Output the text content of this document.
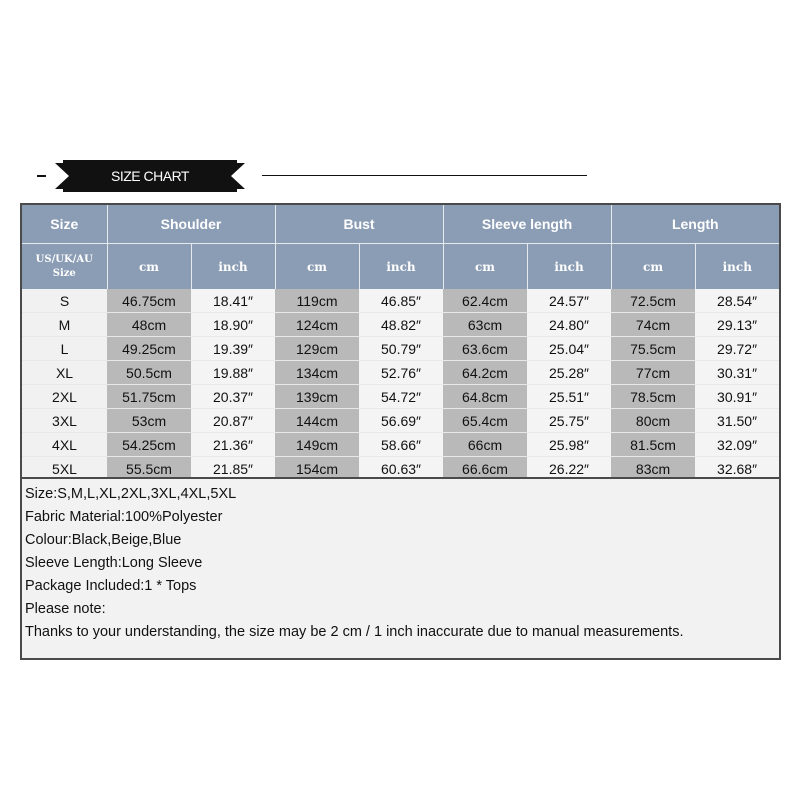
SIZE CHART
Size	Shoulder		Bust		Sleeve length		Length	

US/UK/AU
Size	cm	inch	cm	inch	cm	inch	cm	inch
S	46.75cm	18.41″	119cm	46.85″	62.4cm	24.57″	72.5cm	28.54″
M	48cm	18.90″	124cm	48.82″	63cm	24.80″	74cm	29.13″
L	49.25cm	19.39″	129cm	50.79″	63.6cm	25.04″	75.5cm	29.72″
XL	50.5cm	19.88″	134cm	52.76″	64.2cm	25.28″	77cm	30.31″
2XL	51.75cm	20.37″	139cm	54.72″	64.8cm	25.51″	78.5cm	30.91″
3XL	53cm	20.87″	144cm	56.69″	65.4cm	25.75″	80cm	31.50″
4XL	54.25cm	21.36″	149cm	58.66″	66cm	25.98″	81.5cm	32.09″
5XL	55.5cm	21.85″	154cm	60.63″	66.6cm	26.22″	83cm	32.68″
Size:S,M,L,XL,2XL,3XL,4XL,5XL
Fabric Material:100%Polyester
Colour:Black,Beige,Blue
Sleeve Length:Long Sleeve
Package Included:1 * Tops
Please note:
Thanks to your understanding, the size may be 2 cm / 1 inch inaccurate due to manual measurements.
